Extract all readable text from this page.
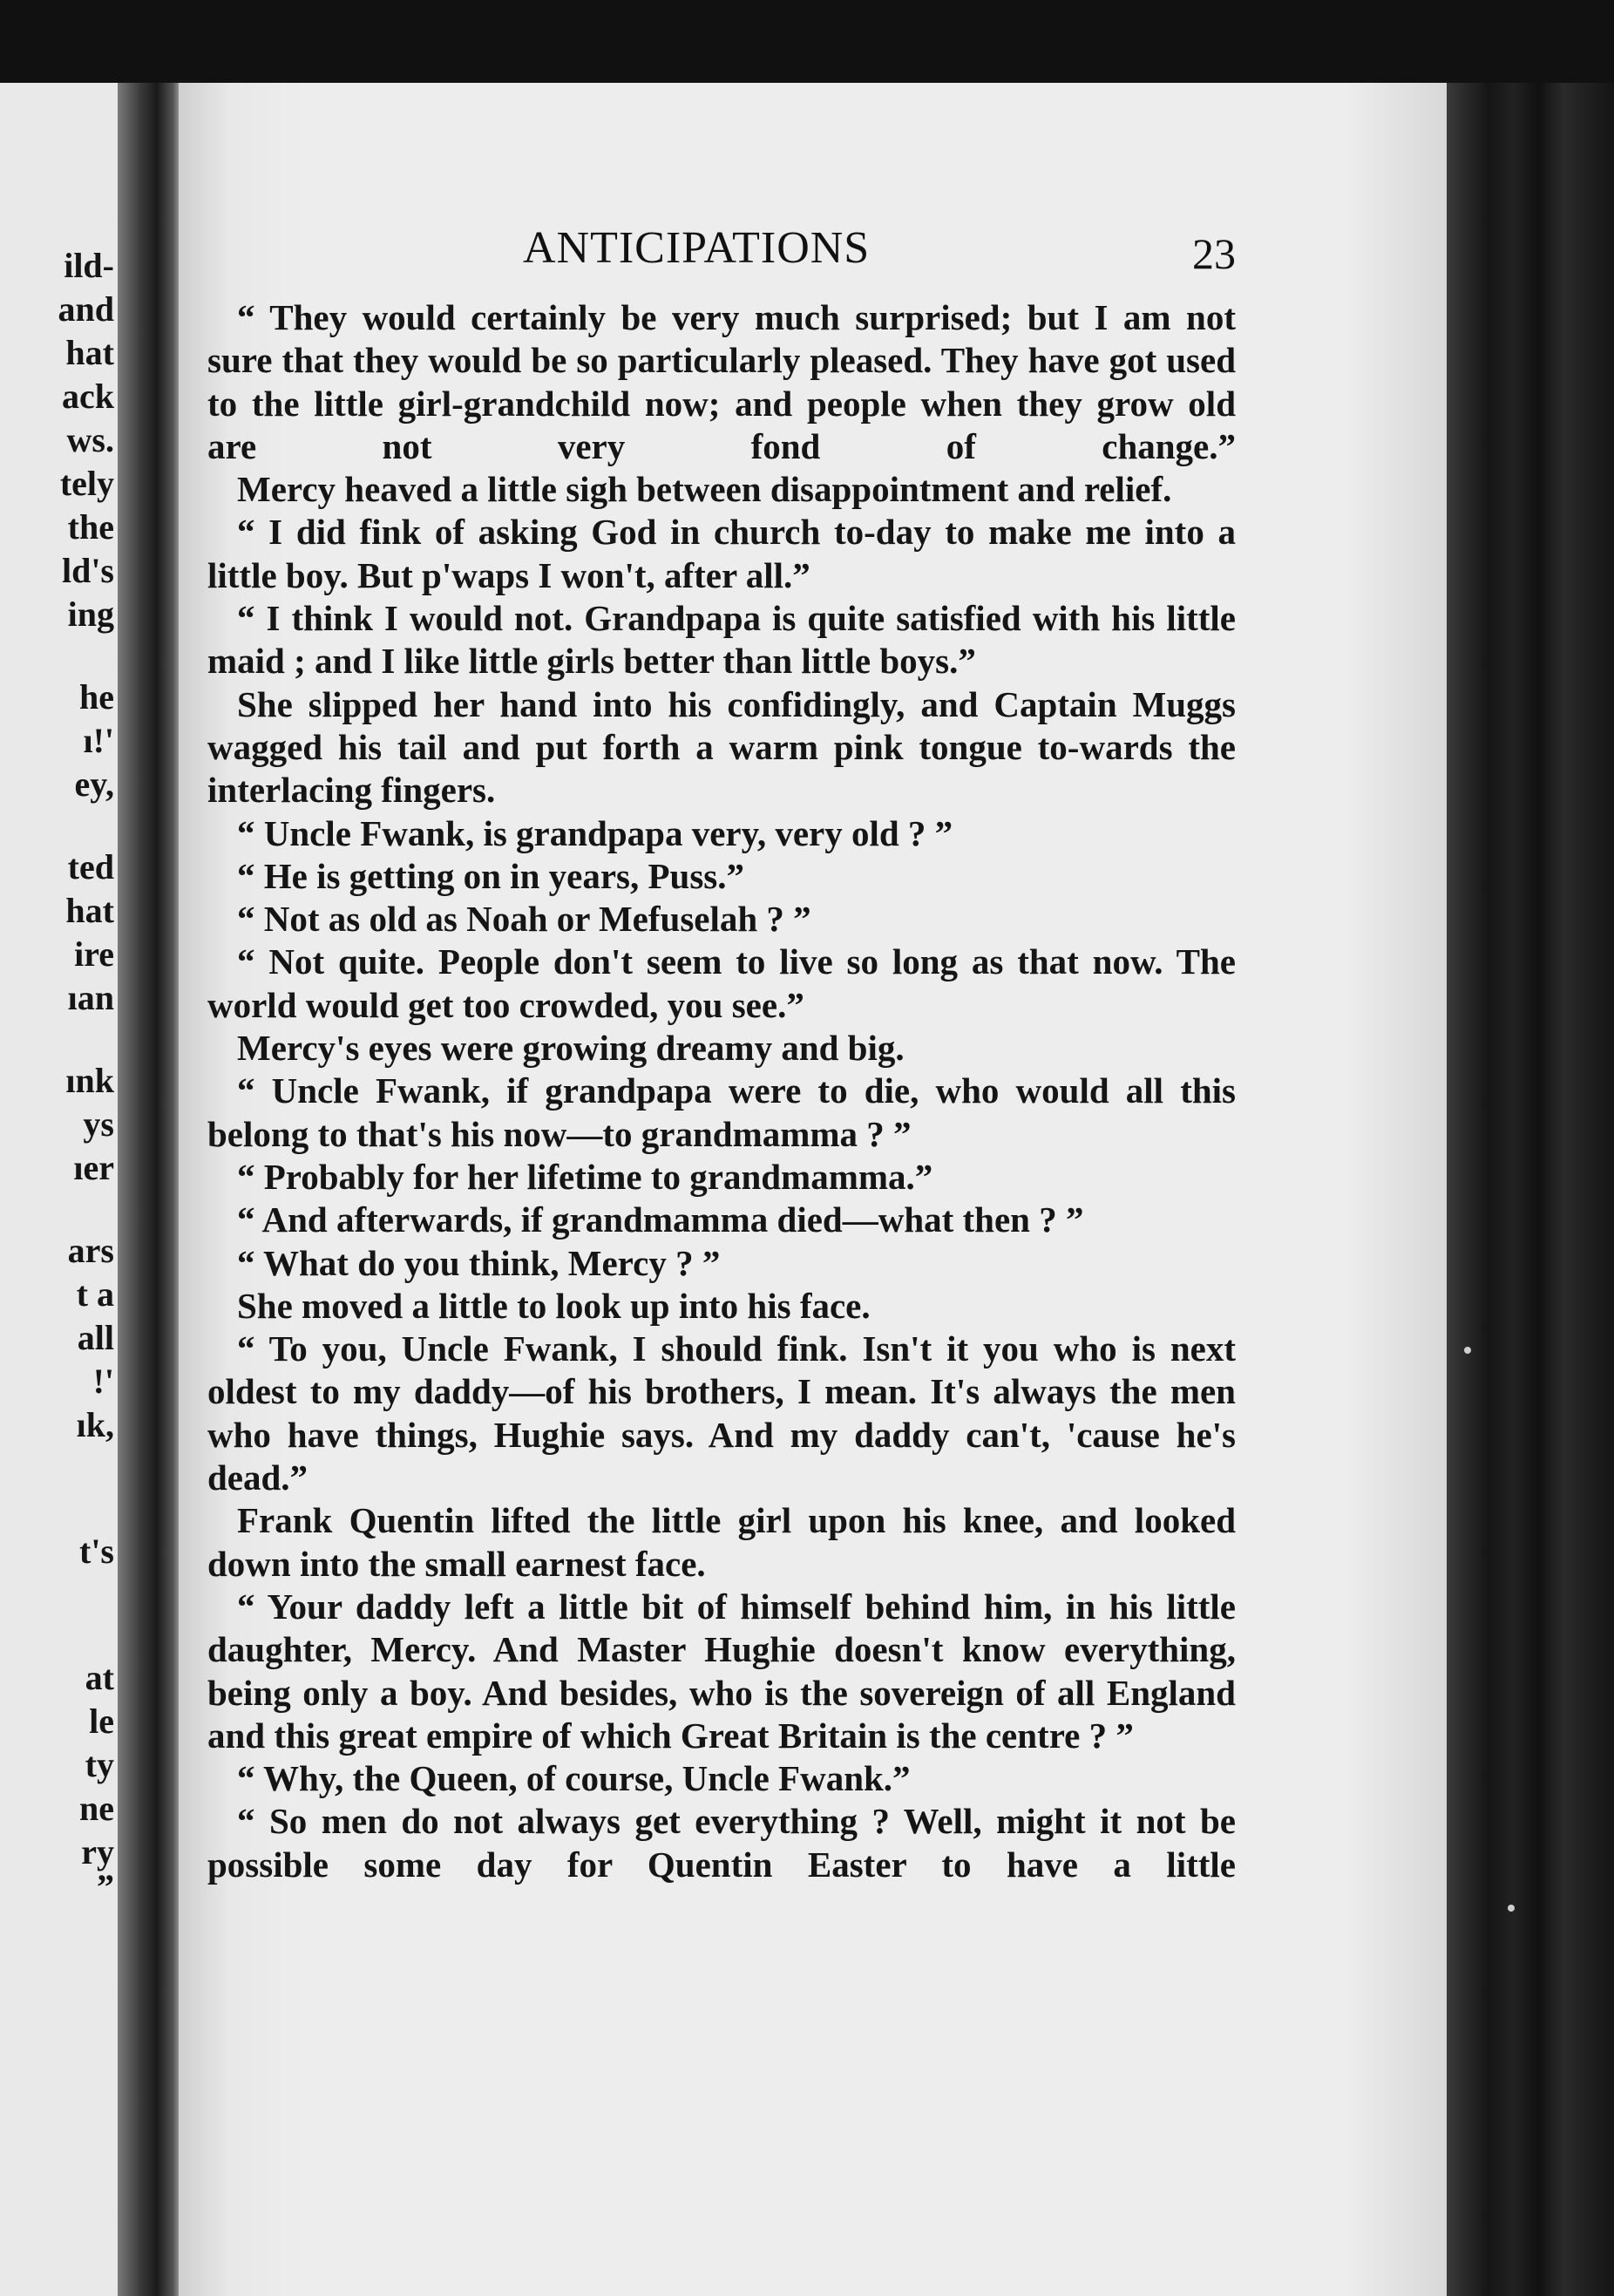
ild-
and
hat
ack
ws.
tely
the
ld's
ing
he
ı!'
ey,
ted
hat
ire
ıan
ınk
ys
ıer
ars
t a
all
!'
ık,
t's
at
le
ty
ne
ry
”
ANTICIPATIONS	23

“ They would certainly be very much surprised; but I am not sure that they would be so particularly pleased. They have got used to the little girl-grandchild now; and people when they grow old are not very fond of change.”

Mercy heaved a little sigh between disappointment and relief.

“ I did fink of asking God in church to-day to make me into a little boy. But p'waps I won't, after all.”

“ I think I would not. Grandpapa is quite satisfied with his little maid ; and I like little girls better than little boys.”

She slipped her hand into his confidingly, and Captain Muggs wagged his tail and put forth a warm pink tongue to-wards the interlacing fingers.

“ Uncle Fwank, is grandpapa very, very old ? ”

“ He is getting on in years, Puss.”

“ Not as old as Noah or Mefuselah ? ”

“ Not quite. People don't seem to live so long as that now. The world would get too crowded, you see.”

Mercy's eyes were growing dreamy and big.

“ Uncle Fwank, if grandpapa were to die, who would all this belong to that's his now—to grandmamma ? ”

“ Probably for her lifetime to grandmamma.”

“ And afterwards, if grandmamma died—what then ? ”

“ What do you think, Mercy ? ”

She moved a little to look up into his face.

“ To you, Uncle Fwank, I should fink. Isn't it you who is next oldest to my daddy—of his brothers, I mean. It's always the men who have things, Hughie says. And my daddy can't, 'cause he's dead.”

Frank Quentin lifted the little girl upon his knee, and looked down into the small earnest face.

“ Your daddy left a little bit of himself behind him, in his little daughter, Mercy. And Master Hughie doesn't know everything, being only a boy. And besides, who is the sovereign of all England and this great empire of which Great Britain is the centre ? ”

“ Why, the Queen, of course, Uncle Fwank.”

“ So men do not always get everything ? Well, might it not be possible some day for Quentin Easter to have a little
